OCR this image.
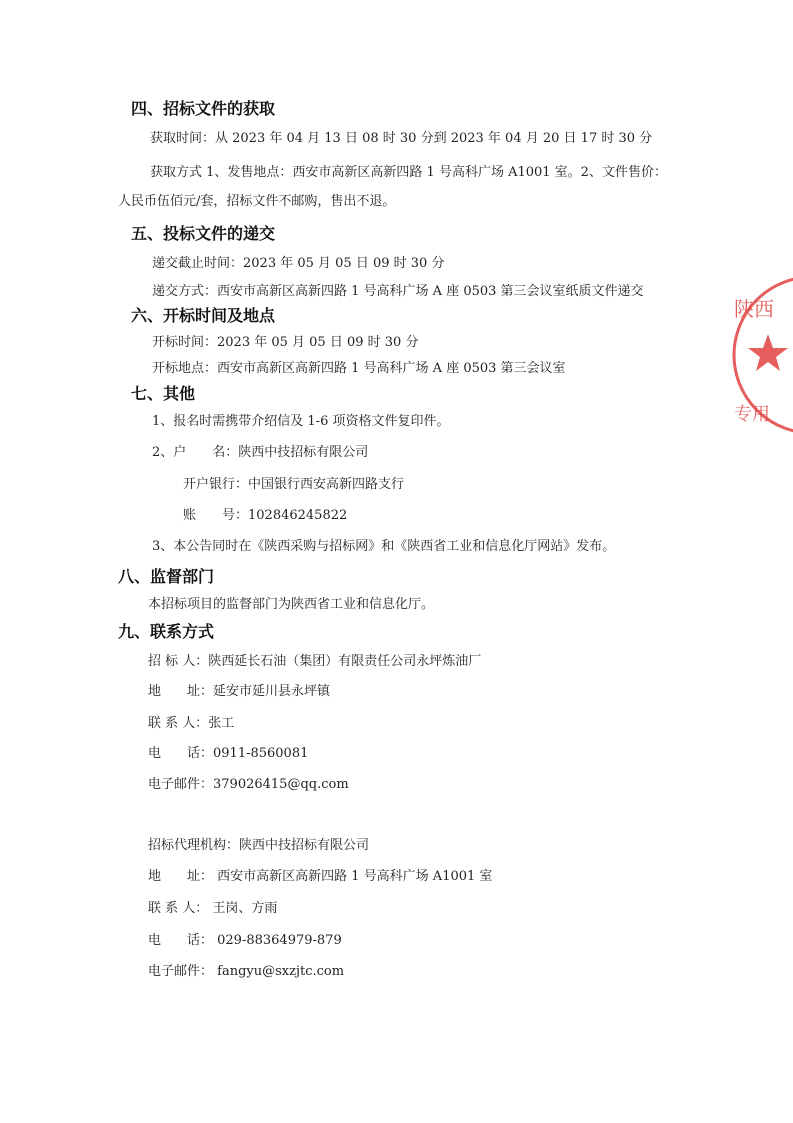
四、招标文件的获取
获取时间：从 2023 年 04 月 13 日 08 时 30 分到 2023 年 04 月 20 日 17 时 30 分
获取方式 1、发售地点：西安市高新区高新四路 1 号高科广场 A1001 室。2、文件售价：
人民币伍佰元/套，招标文件不邮购，售出不退。
五、投标文件的递交
递交截止时间：2023 年 05 月 05 日 09 时 30 分
递交方式：西安市高新区高新四路 1 号高科广场 A 座 0503 第三会议室纸质文件递交
六、开标时间及地点
开标时间：2023 年 05 月 05 日 09 时 30 分
开标地点：西安市高新区高新四路 1 号高科广场 A 座 0503 第三会议室
七、其他
1、报名时需携带介绍信及 1-6 项资格文件复印件。
2、户　　名：陕西中技招标有限公司
开户银行：中国银行西安高新四路支行
账　　号：102846245822
3、本公告同时在《陕西采购与招标网》和《陕西省工业和信息化厅网站》发布。
八、监督部门
本招标项目的监督部门为陕西省工业和信息化厅。
九、联系方式
招 标 人：陕西延长石油（集团）有限责任公司永坪炼油厂
地　　址：延安市延川县永坪镇
联 系 人：张工
电　　话：0911-8560081
电子邮件：379026415@qq.com
招标代理机构：陕西中技招标有限公司
地　　址： 西安市高新区高新四路 1 号高科广场 A1001 室
联 系 人： 王岗、方雨
电　　话： 029-88364979-879
电子邮件： fangyu@sxzjtc.com
陕西
专用
